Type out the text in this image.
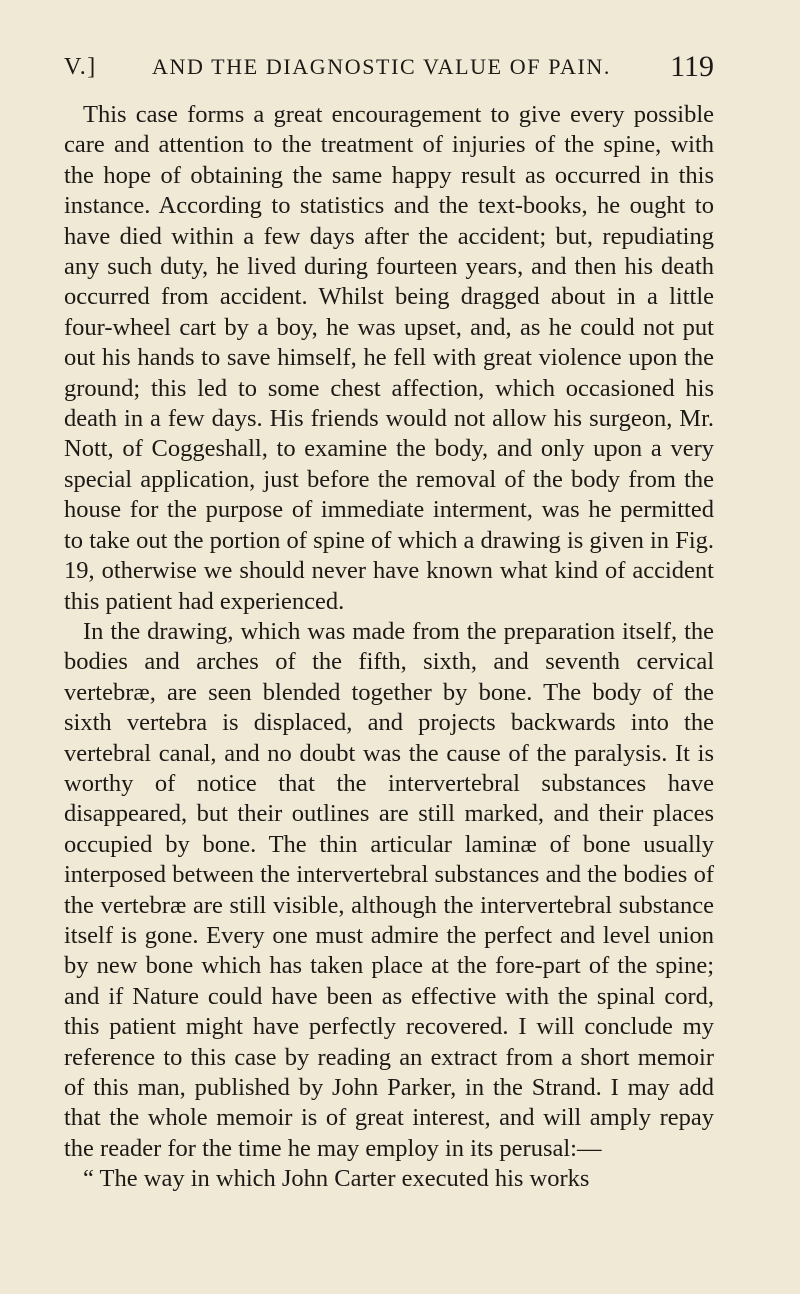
V.]	AND THE DIAGNOSTIC VALUE OF PAIN. 119

This case forms a great encouragement to give every possible care and attention to the treatment of injuries of the spine, with the hope of obtaining the same happy result as occurred in this instance. According to statistics and the text-books, he ought to have died within a few days after the accident; but, repudiating any such duty, he lived during fourteen years, and then his death occurred from accident. Whilst being dragged about in a little four-wheel cart by a boy, he was upset, and, as he could not put out his hands to save himself, he fell with great violence upon the ground; this led to some chest affection, which occasioned his death in a few days. His friends would not allow his surgeon, Mr. Nott, of Coggeshall, to examine the body, and only upon a very special application, just before the removal of the body from the house for the purpose of immediate interment, was he permitted to take out the portion of spine of which a drawing is given in Fig. 19, otherwise we should never have known what kind of accident this patient had experienced.

In the drawing, which was made from the preparation itself, the bodies and arches of the fifth, sixth, and seventh cervical vertebræ, are seen blended together by bone. The body of the sixth vertebra is displaced, and projects backwards into the vertebral canal, and no doubt was the cause of the paralysis. It is worthy of notice that the intervertebral substances have disappeared, but their outlines are still marked, and their places occupied by bone. The thin articular laminæ of bone usually interposed between the intervertebral substances and the bodies of the vertebræ are still visible, although the intervertebral substance itself is gone. Every one must admire the perfect and level union by new bone which has taken place at the fore-part of the spine; and if Nature could have been as effective with the spinal cord, this patient might have perfectly recovered. I will conclude my reference to this case by reading an extract from a short memoir of this man, published by John Parker, in the Strand. I may add that the whole memoir is of great interest, and will amply repay the reader for the time he may employ in its perusal:—

“ The way in which John Carter executed his works
